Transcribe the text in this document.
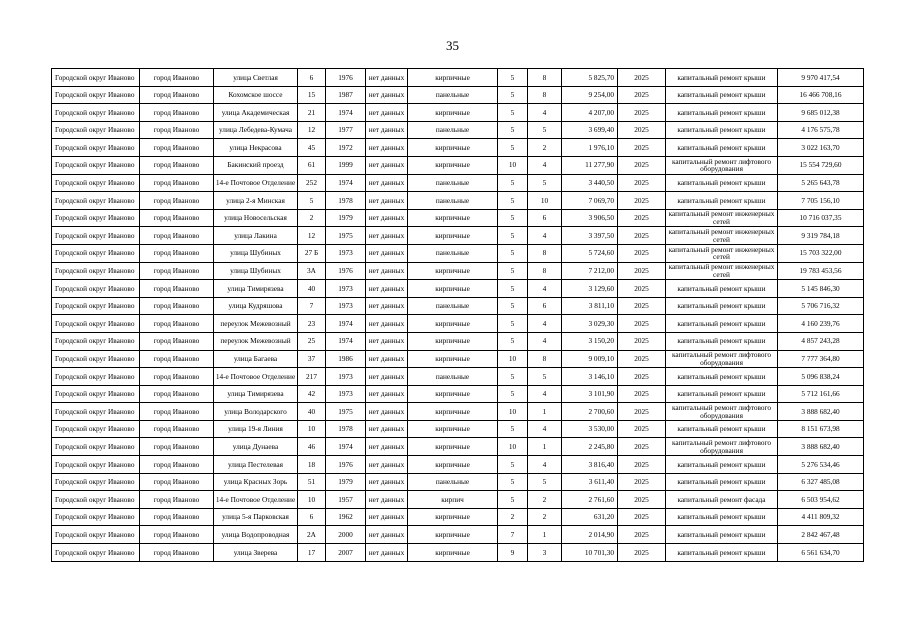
35
Городской округ Иваново	город Иваново	улица Светлая	6	1976	нет данных	кирпичные	5	8	5 825,70	2025	капитальный ремонт крыши	9 970 417,54
Городской округ Иваново	город Иваново	Кохомское шоссе	15	1987	нет данных	панельные	5	8	9 254,00	2025	капитальный ремонт крыши	16 466 708,16
Городской округ Иваново	город Иваново	улица Академическая	21	1974	нет данных	кирпичные	5	4	4 207,00	2025	капитальный ремонт крыши	9 685 012,38
Городской округ Иваново	город Иваново	улица Лебедева-Кумача	12	1977	нет данных	панельные	5	5	3 699,40	2025	капитальный ремонт крыши	4 176 575,78
Городской округ Иваново	город Иваново	улица Некрасова	45	1972	нет данных	кирпичные	5	2	1 976,10	2025	капитальный ремонт крыши	3 022 163,70
Городской округ Иваново	город Иваново	Бакинский проезд	61	1999	нет данных	кирпичные	10	4	11 277,90	2025	капитальный ремонт лифтового оборудования	15 554 729,60
Городской округ Иваново	город Иваново	14-е Почтовое Отделение	252	1974	нет данных	панельные	5	5	3 440,50	2025	капитальный ремонт крыши	5 265 643,78
Городской округ Иваново	город Иваново	улица 2-я Минская	5	1978	нет данных	панельные	5	10	7 069,70	2025	капитальный ремонт крыши	7 705 156,10
Городской округ Иваново	город Иваново	улица Новосельская	2	1979	нет данных	кирпичные	5	6	3 906,50	2025	капитальный ремонт инженерных сетей	10 716 037,35
Городской округ Иваново	город Иваново	улица Лакина	12	1975	нет данных	кирпичные	5	4	3 397,50	2025	капитальный ремонт инженерных сетей	9 319 784,18
Городской округ Иваново	город Иваново	улица Шубиных	27 Б	1973	нет данных	панельные	5	8	5 724,60	2025	капитальный ремонт инженерных сетей	15 703 322,00
Городской округ Иваново	город Иваново	улица Шубиных	3А	1976	нет данных	кирпичные	5	8	7 212,00	2025	капитальный ремонт инженерных сетей	19 783 453,56
Городской округ Иваново	город Иваново	улица Тимирязева	40	1973	нет данных	кирпичные	5	4	3 129,60	2025	капитальный ремонт крыши	5 145 846,30
Городской округ Иваново	город Иваново	улица Кудряшова	7	1973	нет данных	панельные	5	6	3 811,10	2025	капитальный ремонт крыши	5 706 716,32
Городской округ Иваново	город Иваново	переулок Межевозный	23	1974	нет данных	кирпичные	5	4	3 029,30	2025	капитальный ремонт крыши	4 160 239,76
Городской округ Иваново	город Иваново	переулок Межевозный	25	1974	нет данных	кирпичные	5	4	3 150,20	2025	капитальный ремонт крыши	4 857 243,28
Городской округ Иваново	город Иваново	улица Багаева	37	1986	нет данных	кирпичные	10	8	9 009,10	2025	капитальный ремонт лифтового оборудования	7 777 364,80
Городской округ Иваново	город Иваново	14-е Почтовое Отделение	217	1973	нет данных	панельные	5	5	3 146,10	2025	капитальный ремонт крыши	5 096 838,24
Городской округ Иваново	город Иваново	улица Тимирязева	42	1973	нет данных	кирпичные	5	4	3 101,90	2025	капитальный ремонт крыши	5 712 161,66
Городской округ Иваново	город Иваново	улица Володарского	40	1975	нет данных	кирпичные	10	1	2 700,60	2025	капитальный ремонт лифтового оборудования	3 888 682,40
Городской округ Иваново	город Иваново	улица 19-я Линия	10	1978	нет данных	кирпичные	5	4	3 530,00	2025	капитальный ремонт крыши	8 151 673,98
Городской округ Иваново	город Иваново	улица Дунаева	46	1974	нет данных	кирпичные	10	1	2 245,80	2025	капитальный ремонт лифтового оборудования	3 888 682,40
Городской округ Иваново	город Иваново	улица Пестелевая	18	1976	нет данных	кирпичные	5	4	3 816,40	2025	капитальный ремонт крыши	5 276 534,46
Городской округ Иваново	город Иваново	улица Красных Зорь	51	1979	нет данных	панельные	5	5	3 611,40	2025	капитальный ремонт крыши	6 327 485,08
Городской округ Иваново	город Иваново	14-е Почтовое Отделение	10	1957	нет данных	кирпич	5	2	2 761,60	2025	капитальный ремонт фасада	6 503 954,62
Городской округ Иваново	город Иваново	улица 5-я Парковская	6	1962	нет данных	кирпичные	2	2	631,20	2025	капитальный ремонт крыши	4 411 809,32
Городской округ Иваново	город Иваново	улица Водопроводная	2А	2000	нет данных	кирпичные	7	1	2 014,90	2025	капитальный ремонт крыши	2 842 467,48
Городской округ Иваново	город Иваново	улица Зверева	17	2007	нет данных	кирпичные	9	3	10 701,30	2025	капитальный ремонт крыши	6 561 634,70
